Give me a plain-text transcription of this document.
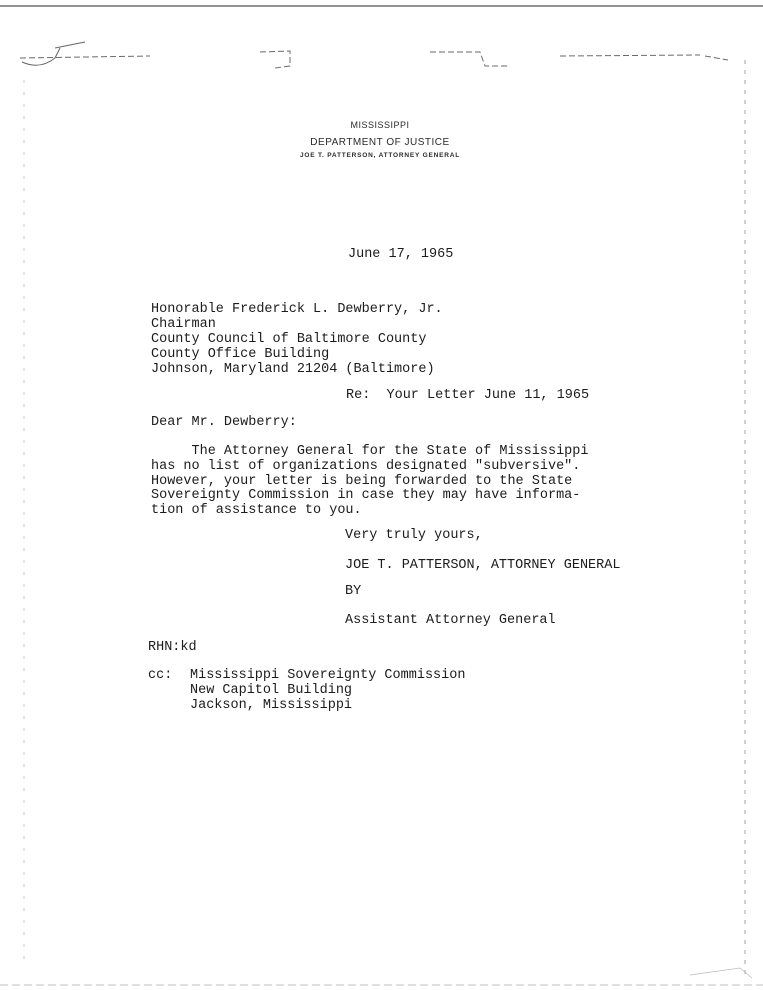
MISSISSIPPI
DEPARTMENT OF JUSTICE
JOE T. PATTERSON, ATTORNEY GENERAL
June 17, 1965
Honorable Frederick L. Dewberry, Jr.
Chairman
County Council of Baltimore County
County Office Building
Johnson, Maryland 21204 (Baltimore)
Re:  Your Letter June 11, 1965
Dear Mr. Dewberry:
The Attorney General for the State of Mississippi
has no list of organizations designated "subversive".
However, your letter is being forwarded to the State
Sovereignty Commission in case they may have informa-
tion of assistance to you.
Very truly yours,
JOE T. PATTERSON, ATTORNEY GENERAL
BY
Assistant Attorney General
RHN:kd
cc: Mississippi Sovereignty Commission
New Capitol Building
Jackson, Mississippi
